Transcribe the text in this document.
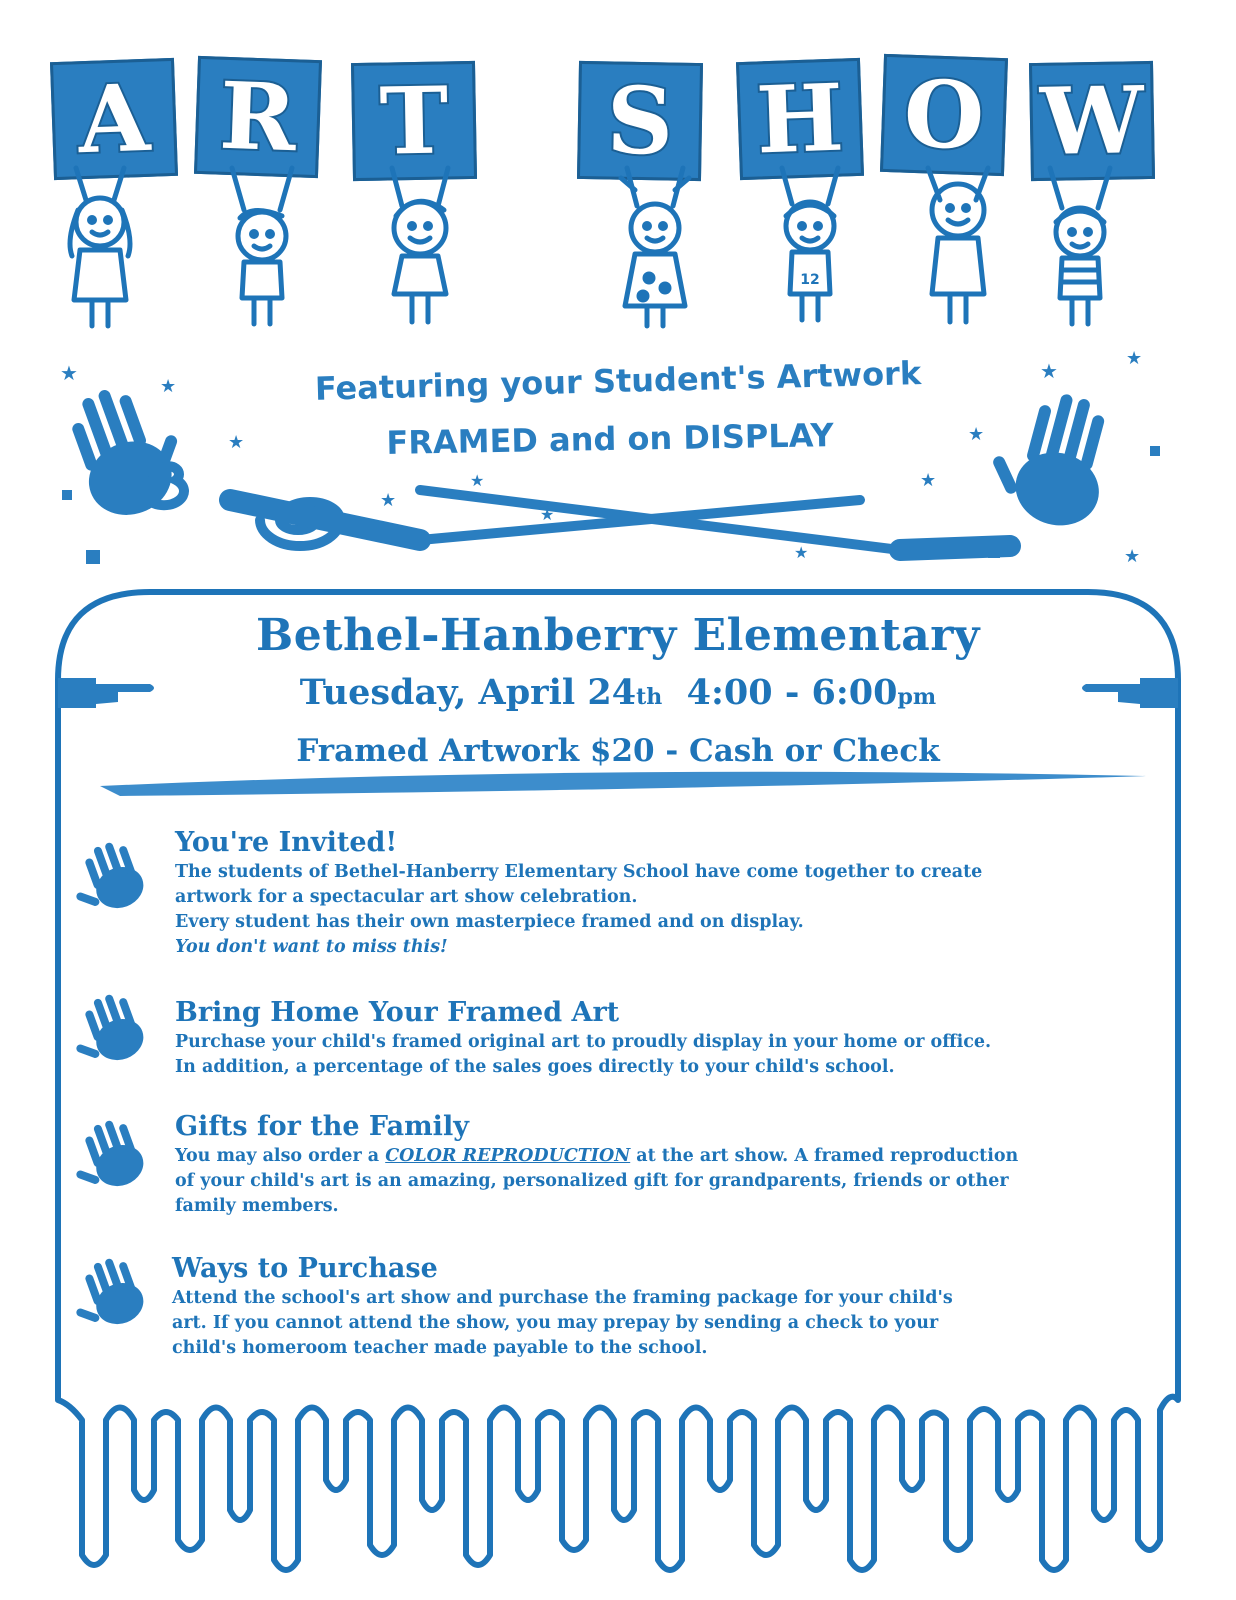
A R T S H O W
12
Featuring your Student's Artwork
FRAMED and on DISPLAY
★
★
★
★
★
★
★
★
★
★
★	★
Bethel-Hanberry Elementary
Tuesday, April 24th 4:00 - 6:00pm
Framed Artwork $20 - Cash or Check
You're Invited!

The students of Bethel-Hanberry Elementary School have come together to create
artwork for a spectacular art show celebration.
Every student has their own masterpiece framed and on display.
You don't want to miss this!

Bring Home Your Framed Art

Purchase your child's framed original art to proudly display in your home or office.
In addition, a percentage of the sales goes directly to your child's school.

Gifts for the Family

You may also order a COLOR REPRODUCTION at the art show. A framed reproduction
of your child's art is an amazing, personalized gift for grandparents, friends or other
family members.

Ways to Purchase

Attend the school's art show and purchase the framing package for your child's
art. If you cannot attend the show, you may prepay by sending a check to your
child's homeroom teacher made payable to the school.
